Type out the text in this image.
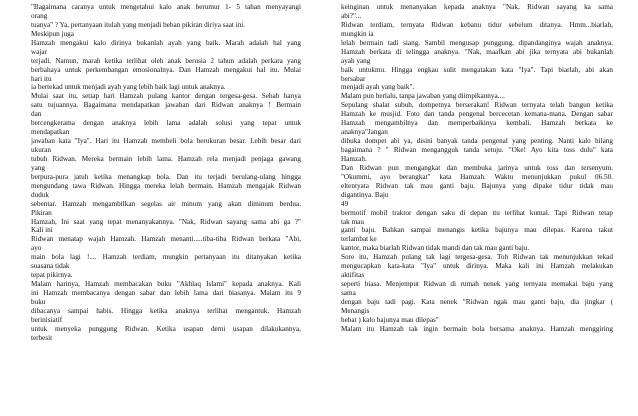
"Bagaimana caranya untuk mengetahui kalo anak berumur 1- 5 tahan menyayangi
orang
tuanya" ? Ya, pertanyaan itulah yang menjadi beban pikiran diriya saat ini.
Meskipun juga
Hamzah mengakui kalo dirinya bukanlah ayah yang baik. Marah adalah hal yang
wajar
terjadi. Namun, marah ketika terlihat oleh anak berusia 2 tahun adalah perkara yang
berbahaya untuk perkembangan emosionalnya. Dan Hamzah mengakui hal itu. Mulai
hari itu
ia bertekad untuk menjadi ayah yang lebih baik lagi untuk anaknya.
Mulai saat itu, setiap hari Hamzah pulang kantor dengan tergesa-gesa. Sebab hanya
satu tujuannya. Bagaimana mendapatkan jawaban dari Ridwan anaknya ! Bermain
dan
bercengkerama dengan anaknya lebih lama adalah solusi yang tepat untuk
mendapatkan
jawaban kata "Iya". Hari itu Hamzah membeli bola berukuran besar. Lebih besar dari
ukuran
tubuh Ridwan. Mereka bermain lebih lama. Hamzah rela menjadi penjaga gawang
yang
berpura-pura jatuh ketika menangkap bola. Dan itu terjadi berulang-ulang hingga
mengundang tawa Ridwan. Hingga mereka lelah bermain. Hamzah mengajak Ridwan
duduk
sebentar. Hamzah mengambilkan segelas air minum yang akan diminum berdua.
Pikiran
Hamzah, Ini saat yang tepat menanyakannya. "Nak, Ridwan sayang sama abi ga ?"
Kali ini
Ridwan menatap wajah Hamzah. Hamzah menanti.....tiba-tiba Ridwan berkata "Abi,
ayo
main bola lagi !.... Hamzah terdiam, mungkin pertanyaan itu ditanyakan ketika
suasana tidak
tepat pikirnya.
Malam harinya, Hamzah membacakan buku "Akhlaq Islami" kepada anaknya. Kali
ini Hamzah membacanya dengan sabar dan lebih lama dari biasanya. Malam itu 9
buku
dibacanya sampai habis. Hingga ketika anaknya terlihat mengantuk, Hamzah
berinisiatif
untuk menyeka punggung Ridwan. Ketika usapan demi usapan dilakukannya,
terbesit
keinginan untuk menanyakan kepada anaknya "Nak, Ridwan sayang ka sama
abi?"...
Ridwan terdiam, ternyata Ridwan kebanu tidur sebelum ditanya. Hmm...biarlah,
mungkin ia
lelah bermain tadi siang. Sambil mengusap punggung, dipandanginya wajah anaknya.
Hamzah berkata di telingga anaknya. "Nak, maafkan abi jika ternyata abi bukanlah
ayah yang
baik untukmu. Hingga engkau sulit mengatakan kata "Iya". Tapi biarlah, abi akan
bersabar
menjadi ayah yang baik".
Malam pun berlalu, tanpa jawaban yang diimpikannya....
Sepulang shalat subuh, dompetnya berserakan! Ridwan ternyata telah bangun ketika
Hamzah ke musjid. Foto dan tanda pengenal bercecetan kemana-mana. Dengan sabar
Hamzah mengambilnya dan memperbaikinya kembali. Hamzah berkata ke
anaknya"Jangan
dibuka dompet abi ya, disini banyak tanda pengenal yang penting. Nanti kalo hilang
bagaimana ? " Ridwan mengangguk tanda setuju. "Oke! Ayo kita toss dulu" kata
Hamzah.
Dan Ridwan pun mengangkat dan membuka jarinya untuk toss dan tersenyum.
"Okummi, ayo berangkat" kata Hamzah. Waktu menunjukkan pukul 06.50.
eltentyata Ridwan tak mau ganti baju. Bajunya yang dipake tidur tidak mau
digantinya. Baju
49
bermotif mobil traktor dengan saku di depan itu terlihat kumal. Tapi Ridwan tetap
tak mau
ganti baju. Bahkan sampai menangis ketika bajunya mau dilepas. Karena takut
terlambat ke
kantor, maka biarlah Ridwan tidak mandi dan tak mau ganti baju.
Sore itu, Hamzah pulang tak lagi tergesa-gesa. Toh Ridwan tak menunjukkan tekad
mengucapkan kata-kata "Iya" untuk dirinya. Maka kali ini Hamzah melakukan
aktifitas
seperti biasa. Menjemput Ridwan di rumah nenek yang ternyata memakai baju yang
sama
dengan baju tadi pagi. Kata nenek "Ridwan ngak mau ganti baju, dia jingkar (
Menangis
hebat ) kalo bajunya mau dilepas"
Malam itu Hamzah tak ingin bermain bola bersama anaknya. Hamzah menggiring
